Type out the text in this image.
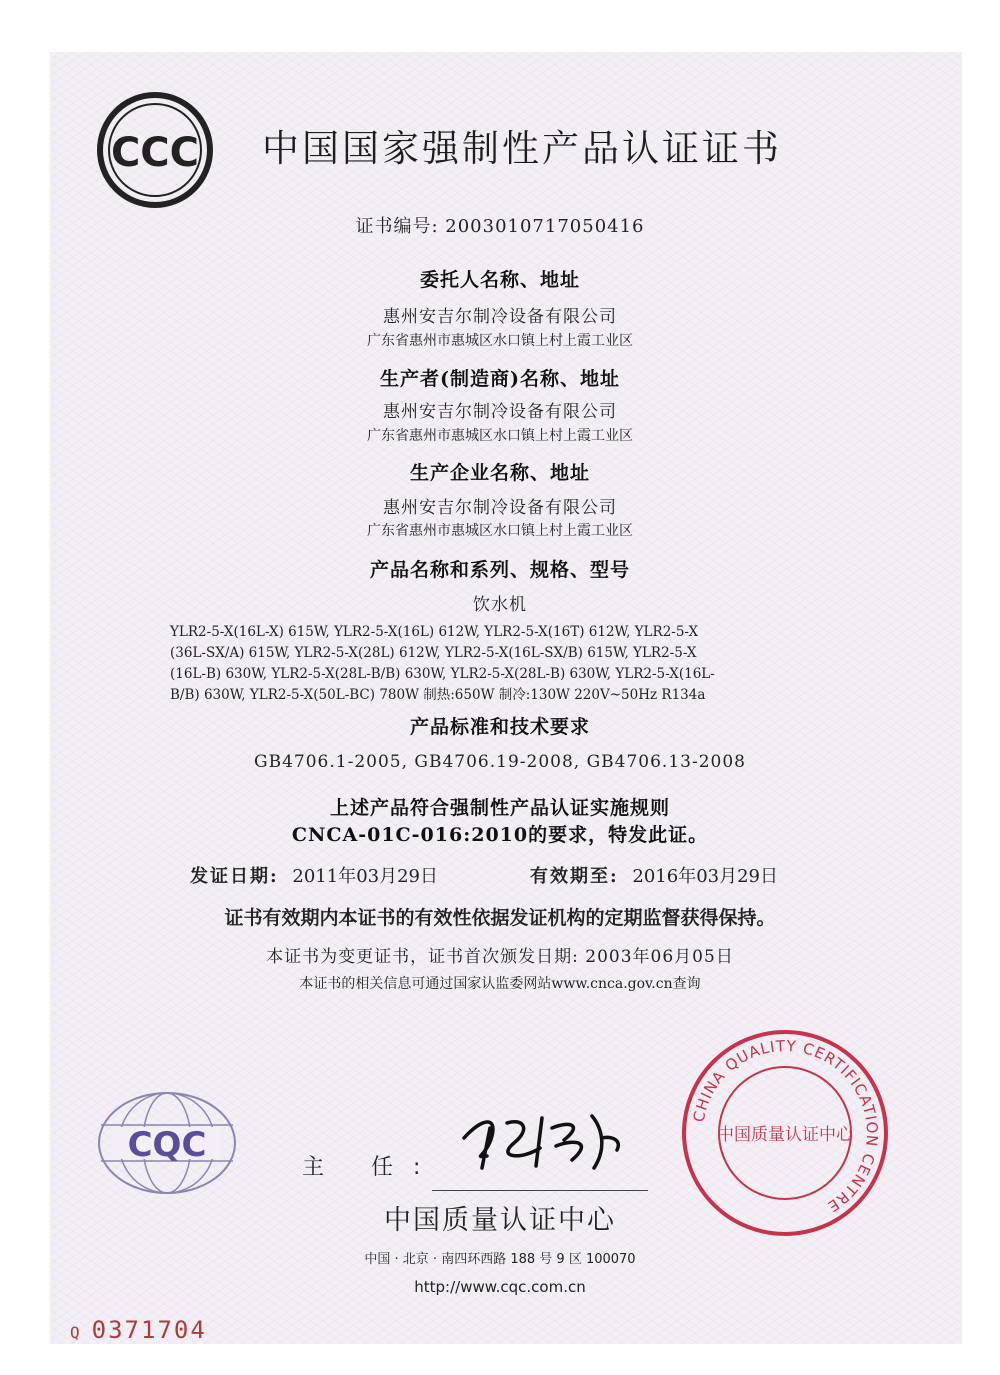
CCC 中国国家强制性产品认证证书
证书编号: 2003010717050416
委托人名称、地址
惠州安吉尔制冷设备有限公司
广东省惠州市惠城区水口镇上村上霞工业区
生产者(制造商)名称、地址
惠州安吉尔制冷设备有限公司
广东省惠州市惠城区水口镇上村上霞工业区
生产企业名称、地址
惠州安吉尔制冷设备有限公司
广东省惠州市惠城区水口镇上村上霞工业区
产品名称和系列、规格、型号
饮水机
YLR2-5-X(16L-X) 615W, YLR2-5-X(16L) 612W, YLR2-5-X(16T) 612W, YLR2-5-X
(36L-SX/A) 615W, YLR2-5-X(28L) 612W, YLR2-5-X(16L-SX/B) 615W, YLR2-5-X
(16L-B) 630W, YLR2-5-X(28L-B/B) 630W, YLR2-5-X(28L-B) 630W, YLR2-5-X(16L-
B/B) 630W, YLR2-5-X(50L-BC) 780W 制热:650W 制冷:130W 220V~50Hz R134a
产品标准和技术要求
GB4706.1-2005, GB4706.19-2008, GB4706.13-2008
上述产品符合强制性产品认证实施规则
CNCA-01C-016:2010的要求，特发此证。
发证日期: 2011年03月29日	有效期至: 2016年03月29日
证书有效期内本证书的有效性依据发证机构的定期监督获得保持。
本证书为变更证书，证书首次颁发日期: 2003年06月05日
本证书的相关信息可通过国家认监委网站www.cnca.gov.cn查询
CQC
主 任:
中国质量认证中心
中国 · 北京 · 南四环西路 188 号 9 区 100070
http://www.cqc.com.cn
CHINA QUALITY CERTIFICATION CENTRE
中国质量认证中心
Q 0371704
